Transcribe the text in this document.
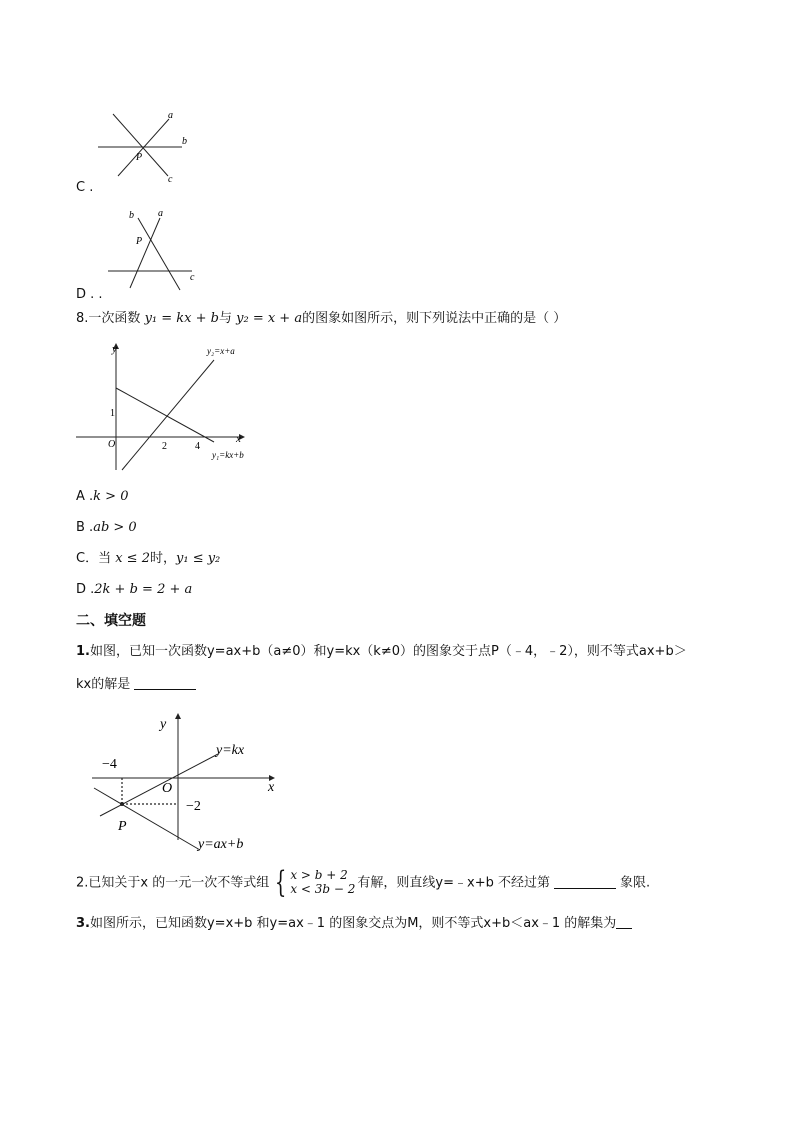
a
b
c
P
C .
b a
c
P
D . .
8.一次函数 y₁ = kx + b与 y₂ = x + a的图象如图所示，则下列说法中正确的是（ ）
y
x
O
1
2	4
y₂=x+a
y₁=kx+b
A .k > 0
B .ab > 0
C．当 x ≤ 2时，y₁ ≤ y₂
D .2k + b = 2 + a
二、填空题
1.如图，已知一次函数y=ax+b（a≠0）和y=kx（k≠0）的图象交于点P（﹣4，﹣2），则不等式ax+b＞
kx的解是
y
x
O
−4
−2
P
y=kx
y=ax+b
2.已知关于x 的一元一次不等式组 { x > b + 2
x < 3b − 2 有解，则直线y=﹣x+b 不经过第	象限.
3.如图所示，已知函数y=x+b 和y=ax﹣1 的图象交点为M，则不等式x+b＜ax﹣1 的解集为
